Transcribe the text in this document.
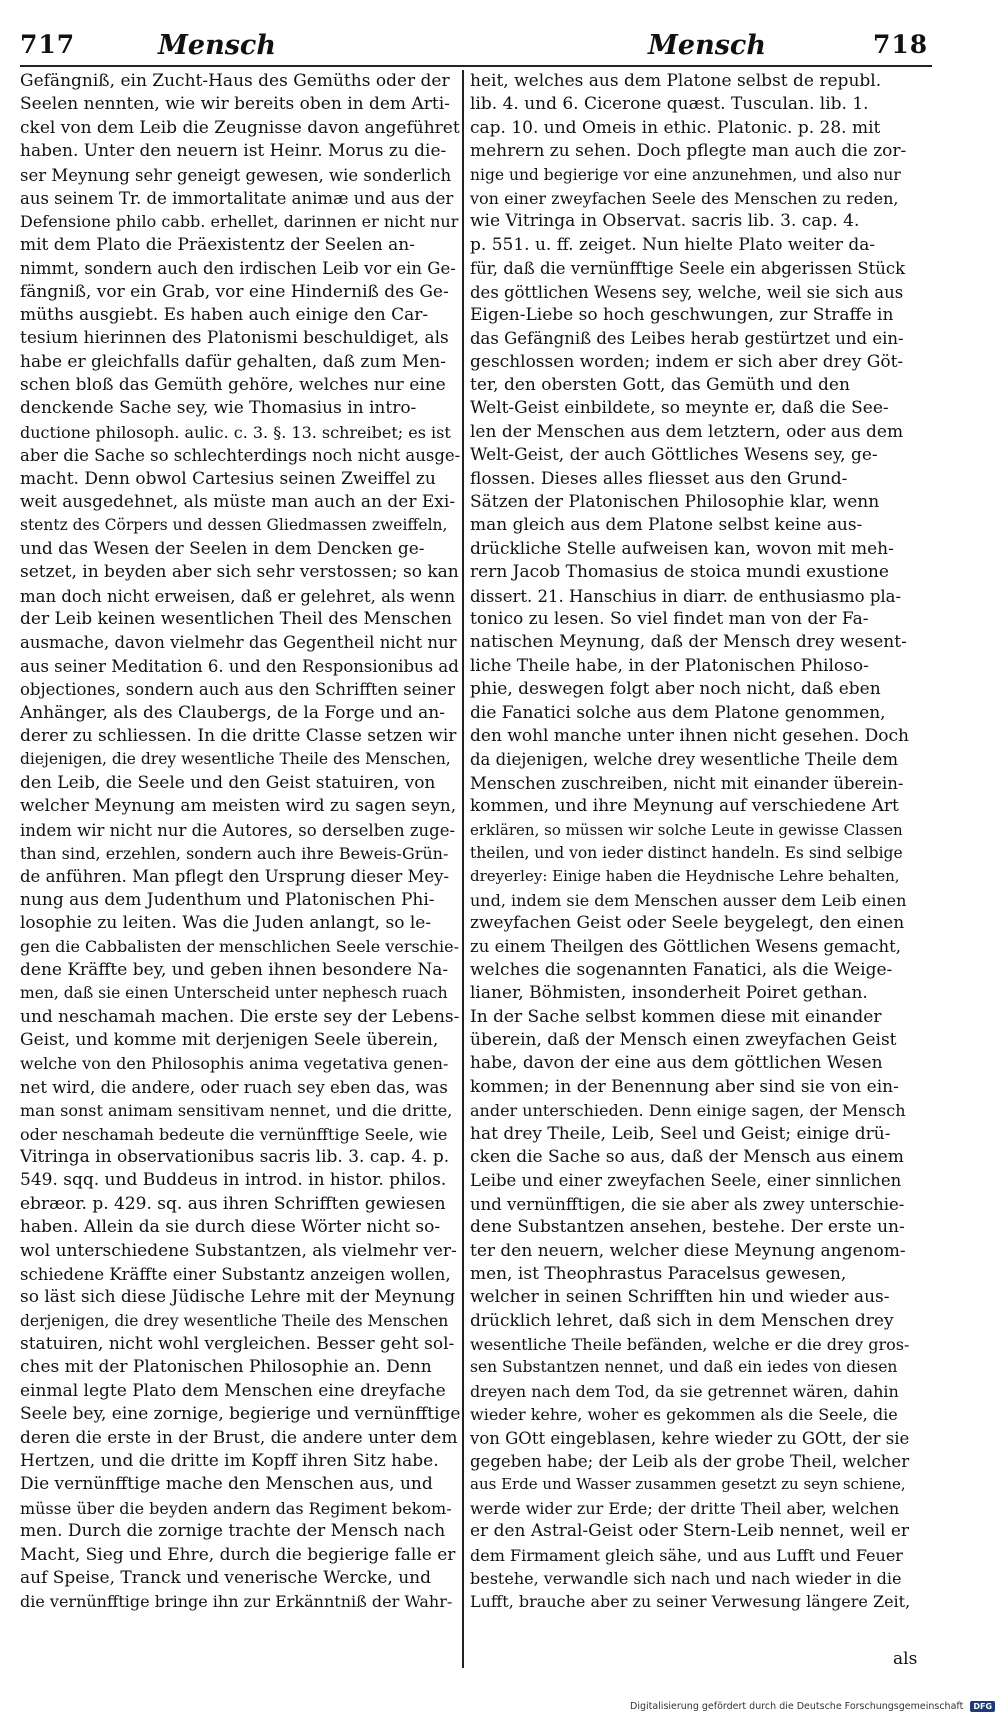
717	Mensch	Mensch	718
Gefängniß, ein Zucht-Haus des Gemüths oder der
Seelen nennten, wie wir bereits oben in dem Arti-
ckel von dem Leib die Zeugnisse davon angeführet
haben. Unter den neuern ist Heinr. Morus zu die-
ser Meynung sehr geneigt gewesen, wie sonderlich
aus seinem Tr. de immortalitate animæ und aus der
Defensione philo cabb. erhellet, darinnen er nicht nur
mit dem Plato die Präexistentz der Seelen an-
nimmt, sondern auch den irdischen Leib vor ein Ge-
fängniß, vor ein Grab, vor eine Hinderniß des Ge-
müths ausgiebt. Es haben auch einige den Car-
tesium hierinnen des Platonismi beschuldiget, als
habe er gleichfalls dafür gehalten, daß zum Men-
schen bloß das Gemüth gehöre, welches nur eine
denckende Sache sey, wie Thomasius in intro-
ductione philosoph. aulic. c. 3. §. 13. schreibet; es ist
aber die Sache so schlechterdings noch nicht ausge-
macht. Denn obwol Cartesius seinen Zweiffel zu
weit ausgedehnet, als müste man auch an der Exi-
stentz des Cörpers und dessen Gliedmassen zweiffeln,
und das Wesen der Seelen in dem Dencken ge-
setzet, in beyden aber sich sehr verstossen; so kan
man doch nicht erweisen, daß er gelehret, als wenn
der Leib keinen wesentlichen Theil des Menschen
ausmache, davon vielmehr das Gegentheil nicht nur
aus seiner Meditation 6. und den Responsionibus ad
objectiones, sondern auch aus den Schrifften seiner
Anhänger, als des Claubergs, de la Forge und an-
derer zu schliessen. In die dritte Classe setzen wir
diejenigen, die drey wesentliche Theile des Menschen,
den Leib, die Seele und den Geist statuiren, von
welcher Meynung am meisten wird zu sagen seyn,
indem wir nicht nur die Autores, so derselben zuge-
than sind, erzehlen, sondern auch ihre Beweis-Grün-
de anführen. Man pflegt den Ursprung dieser Mey-
nung aus dem Judenthum und Platonischen Phi-
losophie zu leiten. Was die Juden anlangt, so le-
gen die Cabbalisten der menschlichen Seele verschie-
dene Kräffte bey, und geben ihnen besondere Na-
men, daß sie einen Unterscheid unter nephesch ruach
und neschamah machen. Die erste sey der Lebens-
Geist, und komme mit derjenigen Seele überein,
welche von den Philosophis anima vegetativa genen-
net wird, die andere, oder ruach sey eben das, was
man sonst animam sensitivam nennet, und die dritte,
oder neschamah bedeute die vernünfftige Seele, wie
Vitringa in observationibus sacris lib. 3. cap. 4. p.
549. sqq. und Buddeus in introd. in histor. philos.
ebræor. p. 429. sq. aus ihren Schrifften gewiesen
haben. Allein da sie durch diese Wörter nicht so-
wol unterschiedene Substantzen, als vielmehr ver-
schiedene Kräffte einer Substantz anzeigen wollen,
so läst sich diese Jüdische Lehre mit der Meynung
derjenigen, die drey wesentliche Theile des Menschen
statuiren, nicht wohl vergleichen. Besser geht sol-
ches mit der Platonischen Philosophie an. Denn
einmal legte Plato dem Menschen eine dreyfache
Seele bey, eine zornige, begierige und vernünfftige
deren die erste in der Brust, die andere unter dem
Hertzen, und die dritte im Kopff ihren Sitz habe.
Die vernünfftige mache den Menschen aus, und
müsse über die beyden andern das Regiment bekom-
men. Durch die zornige trachte der Mensch nach
Macht, Sieg und Ehre, durch die begierige falle er
auf Speise, Tranck und venerische Wercke, und
die vernünfftige bringe ihn zur Erkänntniß der Wahr-
heit, welches aus dem Platone selbst de republ.
lib. 4. und 6. Cicerone quæst. Tusculan. lib. 1.
cap. 10. und Omeis in ethic. Platonic. p. 28. mit
mehrern zu sehen. Doch pflegte man auch die zor-
nige und begierige vor eine anzunehmen, und also nur
von einer zweyfachen Seele des Menschen zu reden,
wie Vitringa in Observat. sacris lib. 3. cap. 4.
p. 551. u. ff. zeiget. Nun hielte Plato weiter da-
für, daß die vernünfftige Seele ein abgerissen Stück
des göttlichen Wesens sey, welche, weil sie sich aus
Eigen-Liebe so hoch geschwungen, zur Straffe in
das Gefängniß des Leibes herab gestürtzet und ein-
geschlossen worden; indem er sich aber drey Göt-
ter, den obersten Gott, das Gemüth und den
Welt-Geist einbildete, so meynte er, daß die See-
len der Menschen aus dem letztern, oder aus dem
Welt-Geist, der auch Göttliches Wesens sey, ge-
flossen. Dieses alles fliesset aus den Grund-
Sätzen der Platonischen Philosophie klar, wenn
man gleich aus dem Platone selbst keine aus-
drückliche Stelle aufweisen kan, wovon mit meh-
rern Jacob Thomasius de stoica mundi exustione
dissert. 21. Hanschius in diarr. de enthusiasmo pla-
tonico zu lesen. So viel findet man von der Fa-
natischen Meynung, daß der Mensch drey wesent-
liche Theile habe, in der Platonischen Philoso-
phie, deswegen folgt aber noch nicht, daß eben
die Fanatici solche aus dem Platone genommen,
den wohl manche unter ihnen nicht gesehen. Doch
da diejenigen, welche drey wesentliche Theile dem
Menschen zuschreiben, nicht mit einander überein-
kommen, und ihre Meynung auf verschiedene Art
erklären, so müssen wir solche Leute in gewisse Classen
theilen, und von ieder distinct handeln. Es sind selbige
dreyerley: Einige haben die Heydnische Lehre behalten,
und, indem sie dem Menschen ausser dem Leib einen
zweyfachen Geist oder Seele beygelegt, den einen
zu einem Theilgen des Göttlichen Wesens gemacht,
welches die sogenannten Fanatici, als die Weige-
lianer, Böhmisten, insonderheit Poiret gethan.
In der Sache selbst kommen diese mit einander
überein, daß der Mensch einen zweyfachen Geist
habe, davon der eine aus dem göttlichen Wesen
kommen; in der Benennung aber sind sie von ein-
ander unterschieden. Denn einige sagen, der Mensch
hat drey Theile, Leib, Seel und Geist; einige drü-
cken die Sache so aus, daß der Mensch aus einem
Leibe und einer zweyfachen Seele, einer sinnlichen
und vernünfftigen, die sie aber als zwey unterschie-
dene Substantzen ansehen, bestehe. Der erste un-
ter den neuern, welcher diese Meynung angenom-
men, ist Theophrastus Paracelsus gewesen,
welcher in seinen Schrifften hin und wieder aus-
drücklich lehret, daß sich in dem Menschen drey
wesentliche Theile befänden, welche er die drey gros-
sen Substantzen nennet, und daß ein iedes von diesen
dreyen nach dem Tod, da sie getrennet wären, dahin
wieder kehre, woher es gekommen als die Seele, die
von GOtt eingeblasen, kehre wieder zu GOtt, der sie
gegeben habe; der Leib als der grobe Theil, welcher
aus Erde und Wasser zusammen gesetzt zu seyn schiene,
werde wider zur Erde; der dritte Theil aber, welchen
er den Astral-Geist oder Stern-Leib nennet, weil er
dem Firmament gleich sähe, und aus Lufft und Feuer
bestehe, verwandle sich nach und nach wieder in die
Lufft, brauche aber zu seiner Verwesung längere Zeit,
als
Digitalisierung gefördert durch die Deutsche Forschungsgemeinschaft DFG
